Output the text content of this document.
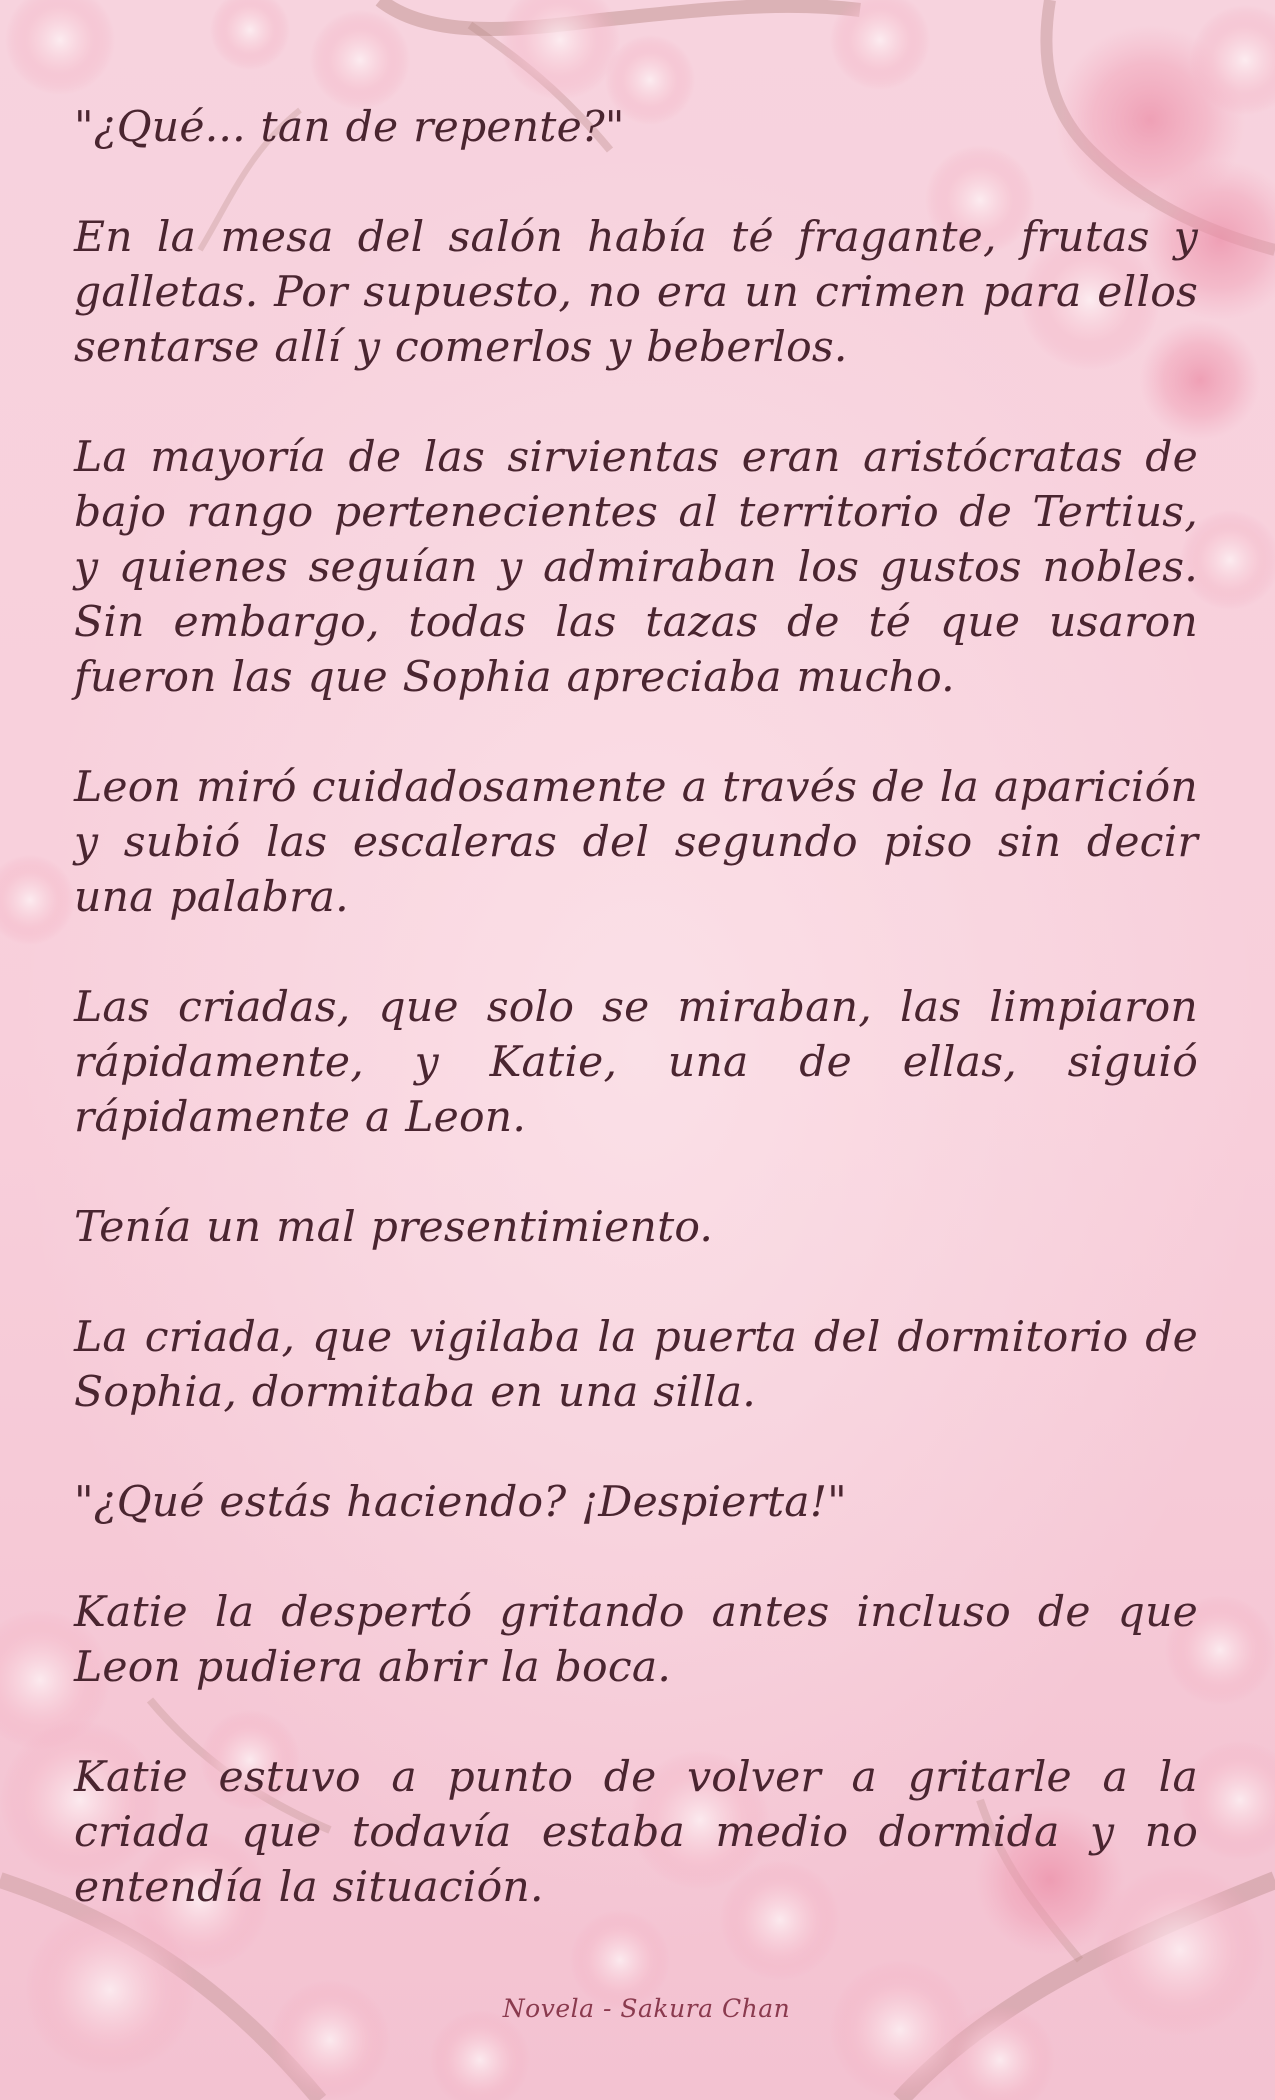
"¿Qué... tan de repente?"

En la mesa del salón había té fragante, frutas y galletas. Por supuesto, no era un crimen para ellos sentarse allí y comerlos y beberlos.

La mayoría de las sirvientas eran aristócratas de bajo rango pertenecientes al territorio de Tertius, y quienes seguían y admiraban los gustos nobles. Sin embargo, todas las tazas de té que usaron fueron las que Sophia apreciaba mucho.

Leon miró cuidadosamente a través de la aparición y subió las escaleras del segundo piso sin decir una palabra.

Las criadas, que solo se miraban, las limpiaron rápidamente, y Katie, una de ellas, siguió rápidamente a Leon.

Tenía un mal presentimiento.

La criada, que vigilaba la puerta del dormitorio de Sophia, dormitaba en una silla.

"¿Qué estás haciendo? ¡Despierta!"

Katie la despertó gritando antes incluso de que Leon pudiera abrir la boca.

Katie estuvo a punto de volver a gritarle a la criada que todavía estaba medio dormida y no entendía la situación.

Novela - Sakura Chan
